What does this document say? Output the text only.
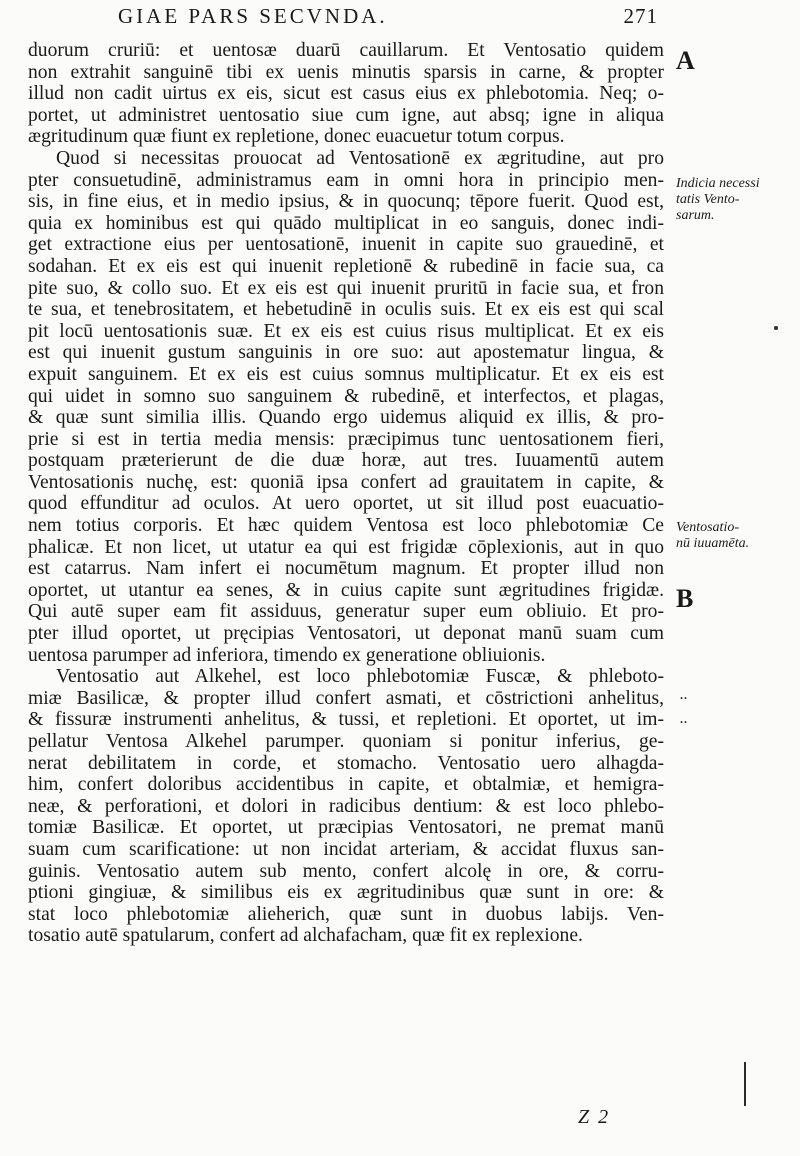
GIAE PARS SECVNDA.	271
duorum cruriū: et uentosæ duarū cauillarum. Et Ventosatio quidem
non extrahit sanguinē tibi ex uenis minutis sparsis in carne, & propter
illud non cadit uirtus ex eis, sicut est casus eius ex phlebotomia. Neq; o-
portet, ut administret uentosatio siue cum igne, aut absq; igne in aliqua
ægritudinum quæ fiunt ex repletione, donec euacuetur totum corpus.
Quod si necessitas prouocat ad Ventosationē ex ægritudine, aut pro
pter consuetudinē, administramus eam in omni hora in principio men-
sis, in fine eius, et in medio ipsius, & in quocunq; tēpore fuerit. Quod est,
quia ex hominibus est qui quādo multiplicat in eo sanguis, donec indi-
get extractione eius per uentosationē, inuenit in capite suo grauedinē, et
sodahan. Et ex eis est qui inuenit repletionē & rubedinē in facie sua, ca
pite suo, & collo suo. Et ex eis est qui inuenit pruritū in facie sua, et fron
te sua, et tenebrositatem, et hebetudinē in oculis suis. Et ex eis est qui scal
pit locū uentosationis suæ. Et ex eis est cuius risus multiplicat. Et ex eis
est qui inuenit gustum sanguinis in ore suo: aut apostematur lingua, &
expuit sanguinem. Et ex eis est cuius somnus multiplicatur. Et ex eis est
qui uidet in somno suo sanguinem & rubedinē, et interfectos, et plagas,
& quæ sunt similia illis. Quando ergo uidemus aliquid ex illis, & pro-
prie si est in tertia media mensis: præcipimus tunc uentosationem fieri,
postquam præterierunt de die duæ horæ, aut tres. Iuuamentū autem
Ventosationis nuchę, est: quoniā ipsa confert ad grauitatem in capite, &
quod effunditur ad oculos. At uero oportet, ut sit illud post euacuatio-
nem totius corporis. Et hæc quidem Ventosa est loco phlebotomiæ Ce
phalicæ. Et non licet, ut utatur ea qui est frigidæ cōplexionis, aut in quo
est catarrus. Nam infert ei nocumētum magnum. Et propter illud non
oportet, ut utantur ea senes, & in cuius capite sunt ægritudines frigidæ.
Qui autē super eam fit assiduus, generatur super eum obliuio. Et pro-
pter illud oportet, ut pręcipias Ventosatori, ut deponat manū suam cum
uentosa parumper ad inferiora, timendo ex generatione obliuionis.
Ventosatio aut Alkehel, est loco phlebotomiæ Fuscæ, & phleboto-
miæ Basilicæ, & propter illud confert asmati, et cōstrictioni anhelitus,
& fissuræ instrumenti anhelitus, & tussi, et repletioni. Et oportet, ut im-
pellatur Ventosa Alkehel parumper. quoniam si ponitur inferius, ge-
nerat debilitatem in corde, et stomacho. Ventosatio uero alhagda-
him, confert doloribus accidentibus in capite, et obtalmiæ, et hemigra-
neæ, & perforationi, et dolori in radicibus dentium: & est loco phlebo-
tomiæ Basilicæ. Et oportet, ut præcipias Ventosatori, ne premat manū
suam cum scarificatione: ut non incidat arteriam, & accidat fluxus san-
guinis. Ventosatio autem sub mento, confert alcolę in ore, & corru-
ptioni gingiuæ, & similibus eis ex ægritudinibus quæ sunt in ore: &
stat loco phlebotomiæ alieherich, quæ sunt in duobus labijs. Ven-
tosatio autē spatularum, confert ad alchafacham, quæ fit ex replexione.
A
B
Indicia necessi
tatis Vento-
sarum.
Ventosatio-
nū iuuamēta.
..
..
Z 2
